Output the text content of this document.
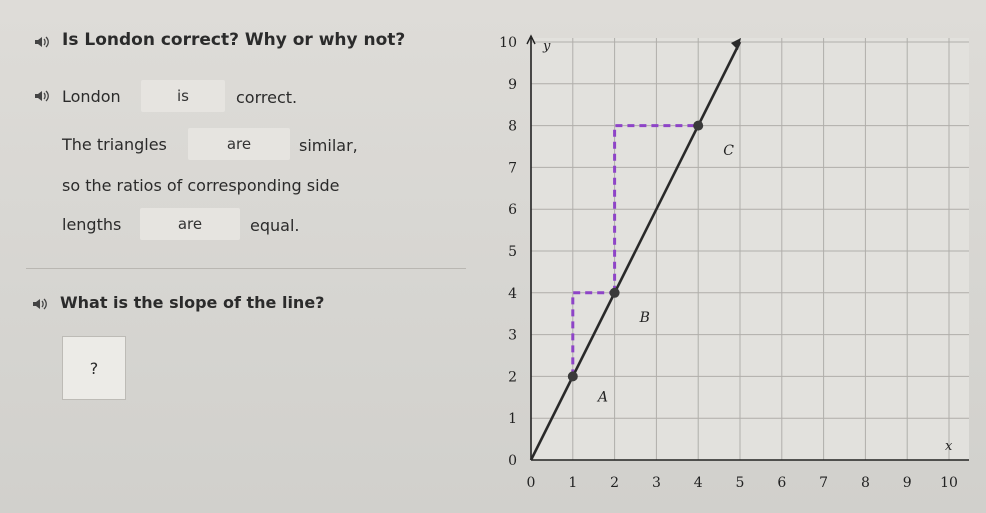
Is London correct? Why or why not?
London	is	correct.
The triangles	are	similar,
so the ratios of corresponding side
lengths	are	equal.
What is the slope of the line?
?
0 1 2 3 4 5 6 7 8 9 10
0
1
2
3
4
5
6
7
8
9
10 y
x
A
B
C
